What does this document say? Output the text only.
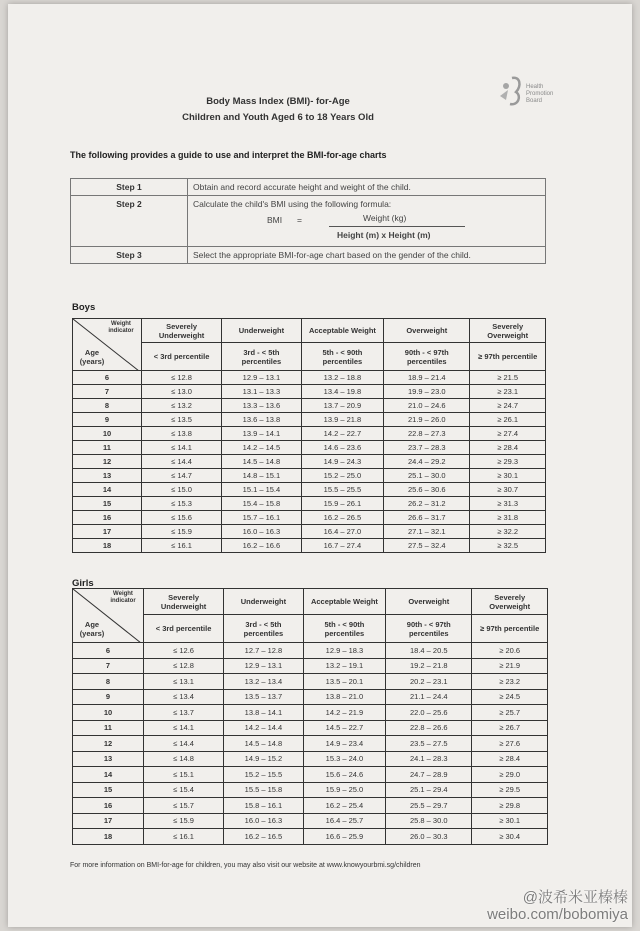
Health
Promotion
Board
Body Mass Index (BMI)- for-Age
Children and Youth Aged 6 to 18 Years Old
The following provides a guide to use and interpret the BMI-for-age charts
Step 1	Obtain and record accurate height and weight of the child.
Step 2	Calculate the child's BMI using the following formula:
BMI = Weight (kg)
Height (m) x Height (m)

Step 3	Select the appropriate BMI-for-age chart based on the gender of the child.
Boys
Weight indicator
Age (years)	Severely Underweight	Underweight	Acceptable Weight	Overweight	Severely Overweight
	< 3rd percentile	3rd - < 5th percentiles	5th - < 90th percentiles	90th - < 97th percentiles	≥ 97th percentile
6	≤ 12.8	12.9 – 13.1	13.2 – 18.8	18.9 – 21.4	≥ 21.5
7	≤ 13.0	13.1 – 13.3	13.4 – 19.8	19.9 – 23.0	≥ 23.1
8	≤ 13.2	13.3 – 13.6	13.7 – 20.9	21.0 – 24.6	≥ 24.7
9	≤ 13.5	13.6 – 13.8	13.9 – 21.8	21.9 – 26.0	≥ 26.1
10	≤ 13.8	13.9 – 14.1	14.2 – 22.7	22.8 – 27.3	≥ 27.4
11	≤ 14.1	14.2 – 14.5	14.6 – 23.6	23.7 – 28.3	≥ 28.4
12	≤ 14.4	14.5 – 14.8	14.9 – 24.3	24.4 – 29.2	≥ 29.3
13	≤ 14.7	14.8 – 15.1	15.2 – 25.0	25.1 – 30.0	≥ 30.1
14	≤ 15.0	15.1 – 15.4	15.5 – 25.5	25.6 – 30.6	≥ 30.7
15	≤ 15.3	15.4 – 15.8	15.9 – 26.1	26.2 – 31.2	≥ 31.3
16	≤ 15.6	15.7 – 16.1	16.2 – 26.5	26.6 – 31.7	≥ 31.8
17	≤ 15.9	16.0 – 16.3	16.4 – 27.0	27.1 – 32.1	≥ 32.2
18	≤ 16.1	16.2 – 16.6	16.7 – 27.4	27.5 – 32.4	≥ 32.5
Girls
Weight indicator
Age (years)	Severely Underweight	Underweight	Acceptable Weight	Overweight	Severely Overweight
	< 3rd percentile	3rd - < 5th percentiles	5th - < 90th percentiles	90th - < 97th percentiles	≥ 97th percentile
6	≤ 12.6	12.7 – 12.8	12.9 – 18.3	18.4 – 20.5	≥ 20.6
7	≤ 12.8	12.9 – 13.1	13.2 – 19.1	19.2 – 21.8	≥ 21.9
8	≤ 13.1	13.2 – 13.4	13.5 – 20.1	20.2 – 23.1	≥ 23.2
9	≤ 13.4	13.5 – 13.7	13.8 – 21.0	21.1 – 24.4	≥ 24.5
10	≤ 13.7	13.8 – 14.1	14.2 – 21.9	22.0 – 25.6	≥ 25.7
11	≤ 14.1	14.2 – 14.4	14.5 – 22.7	22.8 – 26.6	≥ 26.7
12	≤ 14.4	14.5 – 14.8	14.9 – 23.4	23.5 – 27.5	≥ 27.6
13	≤ 14.8	14.9 – 15.2	15.3 – 24.0	24.1 – 28.3	≥ 28.4
14	≤ 15.1	15.2 – 15.5	15.6 – 24.6	24.7 – 28.9	≥ 29.0
15	≤ 15.4	15.5 – 15.8	15.9 – 25.0	25.1 – 29.4	≥ 29.5
16	≤ 15.7	15.8 – 16.1	16.2 – 25.4	25.5 – 29.7	≥ 29.8
17	≤ 15.9	16.0 – 16.3	16.4 – 25.7	25.8 – 30.0	≥ 30.1
18	≤ 16.1	16.2 – 16.5	16.6 – 25.9	26.0 – 30.3	≥ 30.4
For more information on BMI-for-age for children, you may also visit our website at www.knowyourbmi.sg/children
@波希米亚榛榛
weibo.com/bobomiya
